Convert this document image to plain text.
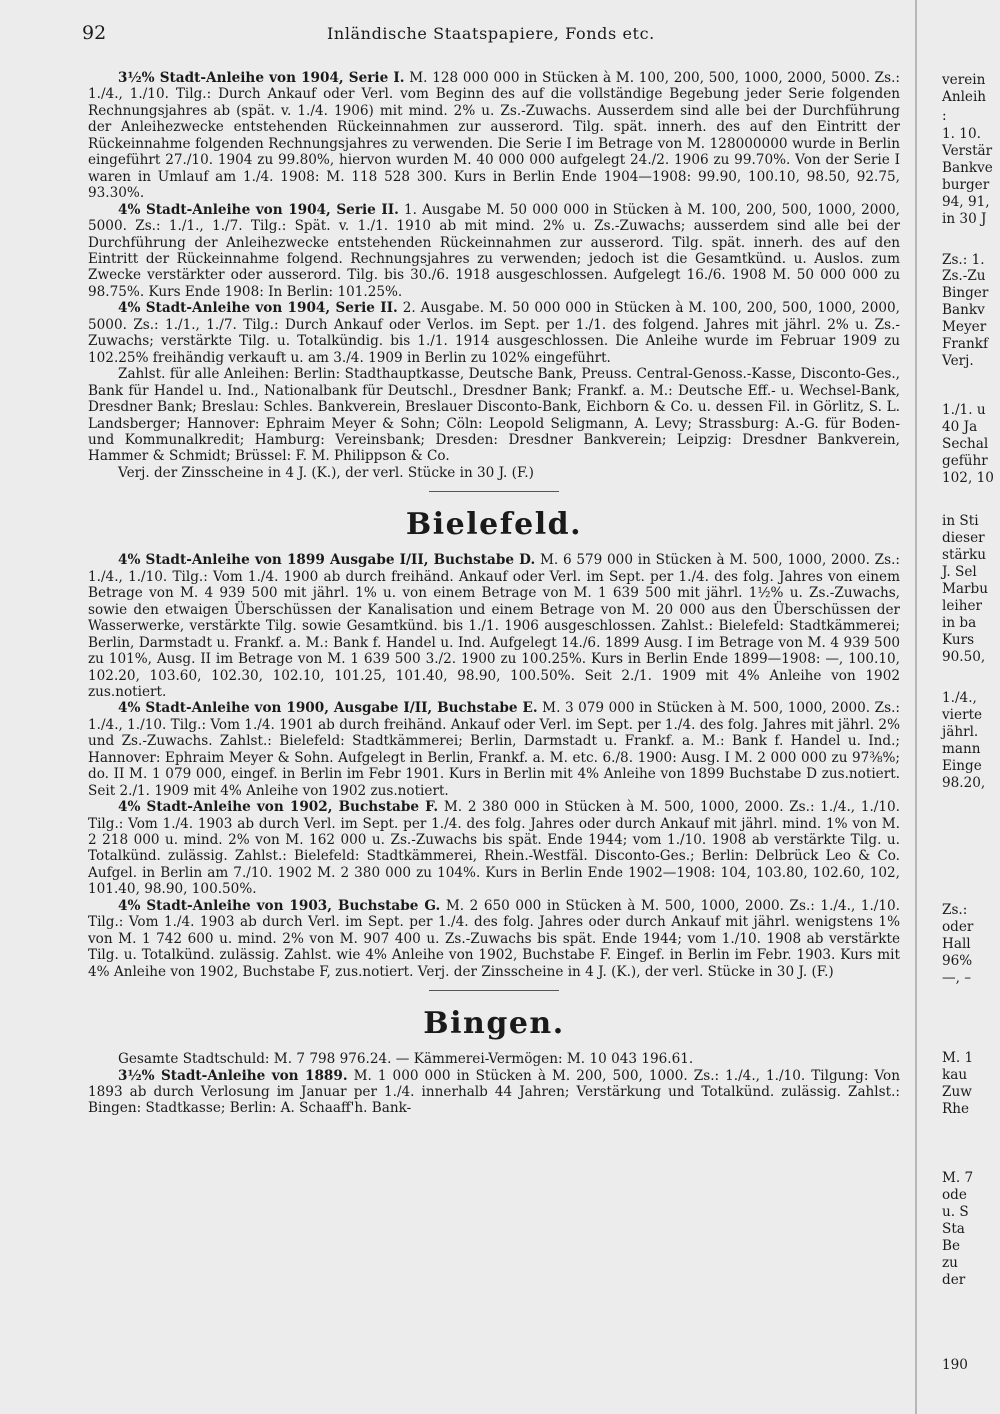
92	Inländische Staatspapiere, Fonds etc.

3½% Stadt-Anleihe von 1904, Serie I. M. 128 000 000 in Stücken à M. 100, 200, 500, 1000, 2000, 5000. Zs.: 1./4., 1./10. Tilg.: Durch Ankauf oder Verl. vom Beginn des auf die vollständige Begebung jeder Serie folgenden Rechnungsjahres ab (spät. v. 1./4. 1906) mit mind. 2% u. Zs.-Zuwachs. Ausserdem sind alle bei der Durchführung der Anleihezwecke entstehenden Rückeinnahmen zur ausserord. Tilg. spät. innerh. des auf den Eintritt der Rückeinnahme folgenden Rechnungsjahres zu verwenden. Die Serie I im Betrage von M. 128000000 wurde in Berlin eingeführt 27./10. 1904 zu 99.80%, hiervon wurden M. 40 000 000 aufgelegt 24./2. 1906 zu 99.70%. Von der Serie I waren in Umlauf am 1./4. 1908: M. 118 528 300. Kurs in Berlin Ende 1904—1908: 99.90, 100.10, 98.50, 92.75, 93.30%.

4% Stadt-Anleihe von 1904, Serie II. 1. Ausgabe M. 50 000 000 in Stücken à M. 100, 200, 500, 1000, 2000, 5000. Zs.: 1./1., 1./7. Tilg.: Spät. v. 1./1. 1910 ab mit mind. 2% u. Zs.-Zuwachs; ausserdem sind alle bei der Durchführung der Anleihezwecke entstehenden Rückeinnahmen zur ausserord. Tilg. spät. innerh. des auf den Eintritt der Rückeinnahme folgend. Rechnungsjahres zu verwenden; jedoch ist die Gesamtkünd. u. Auslos. zum Zwecke verstärkter oder ausserord. Tilg. bis 30./6. 1918 ausgeschlossen. Aufgelegt 16./6. 1908 M. 50 000 000 zu 98.75%. Kurs Ende 1908: In Berlin: 101.25%.

4% Stadt-Anleihe von 1904, Serie II. 2. Ausgabe. M. 50 000 000 in Stücken à M. 100, 200, 500, 1000, 2000, 5000. Zs.: 1./1., 1./7. Tilg.: Durch Ankauf oder Verlos. im Sept. per 1./1. des folgend. Jahres mit jährl. 2% u. Zs.-Zuwachs; verstärkte Tilg. u. Totalkündig. bis 1./1. 1914 ausgeschlossen. Die Anleihe wurde im Februar 1909 zu 102.25% freihändig verkauft u. am 3./4. 1909 in Berlin zu 102% eingeführt.

Zahlst. für alle Anleihen: Berlin: Stadthauptkasse, Deutsche Bank, Preuss. Central-Genoss.-Kasse, Disconto-Ges., Bank für Handel u. Ind., Nationalbank für Deutschl., Dresdner Bank; Frankf. a. M.: Deutsche Eff.- u. Wechsel-Bank, Dresdner Bank; Breslau: Schles. Bankverein, Breslauer Disconto-Bank, Eichborn & Co. u. dessen Fil. in Görlitz, S. L. Landsberger; Hannover: Ephraim Meyer & Sohn; Cöln: Leopold Seligmann, A. Levy; Strassburg: A.-G. für Boden- und Kommunalkredit; Hamburg: Vereinsbank; Dresden: Dresdner Bankverein; Leipzig: Dresdner Bankverein, Hammer & Schmidt; Brüssel: F. M. Philippson & Co.

Verj. der Zinsscheine in 4 J. (K.), der verl. Stücke in 30 J. (F.)

Bielefeld.

4% Stadt-Anleihe von 1899 Ausgabe I/II, Buchstabe D. M. 6 579 000 in Stücken à M. 500, 1000, 2000. Zs.: 1./4., 1./10. Tilg.: Vom 1./4. 1900 ab durch freihänd. Ankauf oder Verl. im Sept. per 1./4. des folg. Jahres von einem Betrage von M. 4 939 500 mit jährl. 1% u. von einem Betrage von M. 1 639 500 mit jährl. 1½% u. Zs.-Zuwachs, sowie den etwaigen Überschüssen der Kanalisation und einem Betrage von M. 20 000 aus den Überschüssen der Wasserwerke, verstärkte Tilg. sowie Gesamtkünd. bis 1./1. 1906 ausgeschlossen. Zahlst.: Bielefeld: Stadtkämmerei; Berlin, Darmstadt u. Frankf. a. M.: Bank f. Handel u. Ind. Aufgelegt 14./6. 1899 Ausg. I im Betrage von M. 4 939 500 zu 101%, Ausg. II im Betrage von M. 1 639 500 3./2. 1900 zu 100.25%. Kurs in Berlin Ende 1899—1908: —, 100.10, 102.20, 103.60, 102.30, 102.10, 101.25, 101.40, 98.90, 100.50%. Seit 2./1. 1909 mit 4% Anleihe von 1902 zus.notiert.

4% Stadt-Anleihe von 1900, Ausgabe I/II, Buchstabe E. M. 3 079 000 in Stücken à M. 500, 1000, 2000. Zs.: 1./4., 1./10. Tilg.: Vom 1./4. 1901 ab durch freihänd. Ankauf oder Verl. im Sept. per 1./4. des folg. Jahres mit jährl. 2% und Zs.-Zuwachs. Zahlst.: Bielefeld: Stadtkämmerei; Berlin, Darmstadt u. Frankf. a. M.: Bank f. Handel u. Ind.; Hannover: Ephraim Meyer & Sohn. Aufgelegt in Berlin, Frankf. a. M. etc. 6./8. 1900: Ausg. I M. 2 000 000 zu 97⅜%; do. II M. 1 079 000, eingef. in Berlin im Febr 1901. Kurs in Berlin mit 4% Anleihe von 1899 Buchstabe D zus.notiert. Seit 2./1. 1909 mit 4% Anleihe von 1902 zus.notiert.

4% Stadt-Anleihe von 1902, Buchstabe F. M. 2 380 000 in Stücken à M. 500, 1000, 2000. Zs.: 1./4., 1./10. Tilg.: Vom 1./4. 1903 ab durch Verl. im Sept. per 1./4. des folg. Jahres oder durch Ankauf mit jährl. mind. 1% von M. 2 218 000 u. mind. 2% von M. 162 000 u. Zs.-Zuwachs bis spät. Ende 1944; vom 1./10. 1908 ab verstärkte Tilg. u. Totalkünd. zulässig. Zahlst.: Bielefeld: Stadtkämmerei, Rhein.-Westfäl. Disconto-Ges.; Berlin: Delbrück Leo & Co. Aufgel. in Berlin am 7./10. 1902 M. 2 380 000 zu 104%. Kurs in Berlin Ende 1902—1908: 104, 103.80, 102.60, 102, 101.40, 98.90, 100.50%.

4% Stadt-Anleihe von 1903, Buchstabe G. M. 2 650 000 in Stücken à M. 500, 1000, 2000. Zs.: 1./4., 1./10. Tilg.: Vom 1./4. 1903 ab durch Verl. im Sept. per 1./4. des folg. Jahres oder durch Ankauf mit jährl. wenigstens 1% von M. 1 742 600 u. mind. 2% von M. 907 400 u. Zs.-Zuwachs bis spät. Ende 1944; vom 1./10. 1908 ab verstärkte Tilg. u. Totalkünd. zulässig. Zahlst. wie 4% Anleihe von 1902, Buchstabe F. Eingef. in Berlin im Febr. 1903. Kurs mit 4% Anleihe von 1902, Buchstabe F, zus.notiert. Verj. der Zinsscheine in 4 J. (K.), der verl. Stücke in 30 J. (F.)

Bingen.

Gesamte Stadtschuld: M. 7 798 976.24. — Kämmerei-Vermögen: M. 10 043 196.61.

3½% Stadt-Anleihe von 1889. M. 1 000 000 in Stücken à M. 200, 500, 1000. Zs.: 1./4., 1./10. Tilgung: Von 1893 ab durch Verlosung im Januar per 1./4. innerhalb 44 Jahren; Verstärkung und Totalkünd. zulässig. Zahlst.: Bingen: Stadtkasse; Berlin: A. Schaaff'h. Bank-

verein
Anleih
:
1. 10.
Verstär
Bankve
burger
94, 91,
in 30 J
Zs.: 1.
Zs.-Zu
Binger
Bankv
Meyer
Frankf
Verj.
1./1. u
40 Ja
Sechal
geführ
102, 10
in Sti
dieser
stärku
J. Sel
Marbu
leiher
in ba
Kurs
90.50,
1./4.,
vierte
jährl.
mann
Einge
98.20,
Zs.:
oder
Hall
96%
—, –
M. 1
kau
Zuw
Rhe
M. 7
ode
u. S
Sta
Be
zu
der
190
